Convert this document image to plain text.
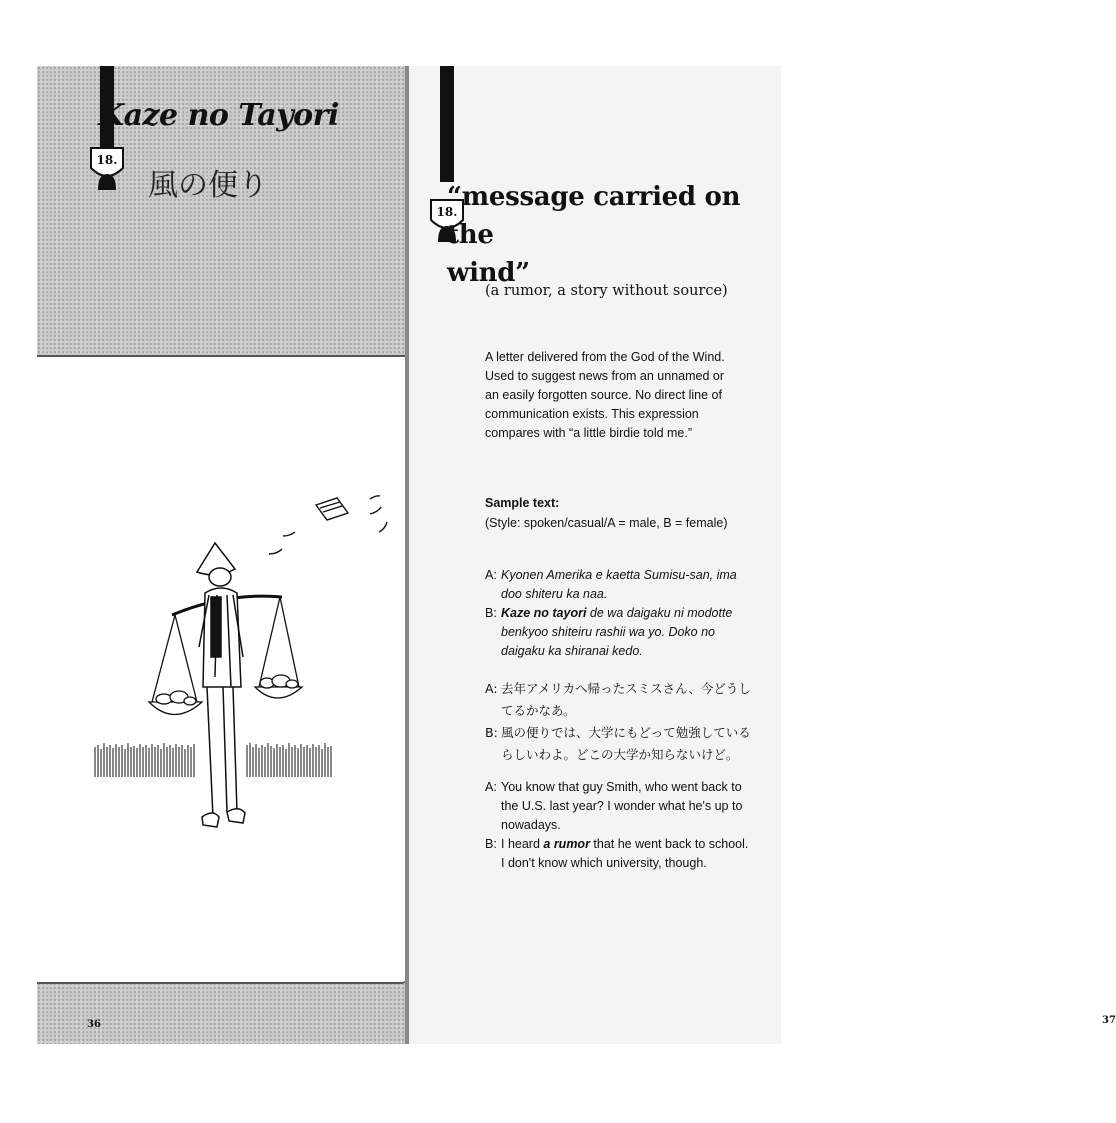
18.
36
18.
37
Kaze no Tayori
風の便り	“message carried on the
wind”
(a rumor, a story without source)
A letter delivered from the God of the Wind. Used to suggest news from an unnamed or an easily forgotten source. No direct line of communication exists. This expression compares with “a little birdie told me.”
Sample text:
(Style: spoken/casual/A = male, B = female)
A: Kyonen Amerika e kaetta Sumisu-san, ima doo shiteru ka naa.
B: Kaze no tayori de wa daigaku ni modotte benkyoo shiteiru rashii wa yo. Doko no daigaku ka shiranai kedo.
A: 去年アメリカへ帰ったスミスさん、今どうしてるかなあ。
B: 風の便りでは、大学にもどって勉強しているらしいわよ。どこの大学か知らないけど。
A: You know that guy Smith, who went back to the U.S. last year? I wonder what he's up to nowadays.
B: I heard a rumor that he went back to school. I don't know which university, though.
